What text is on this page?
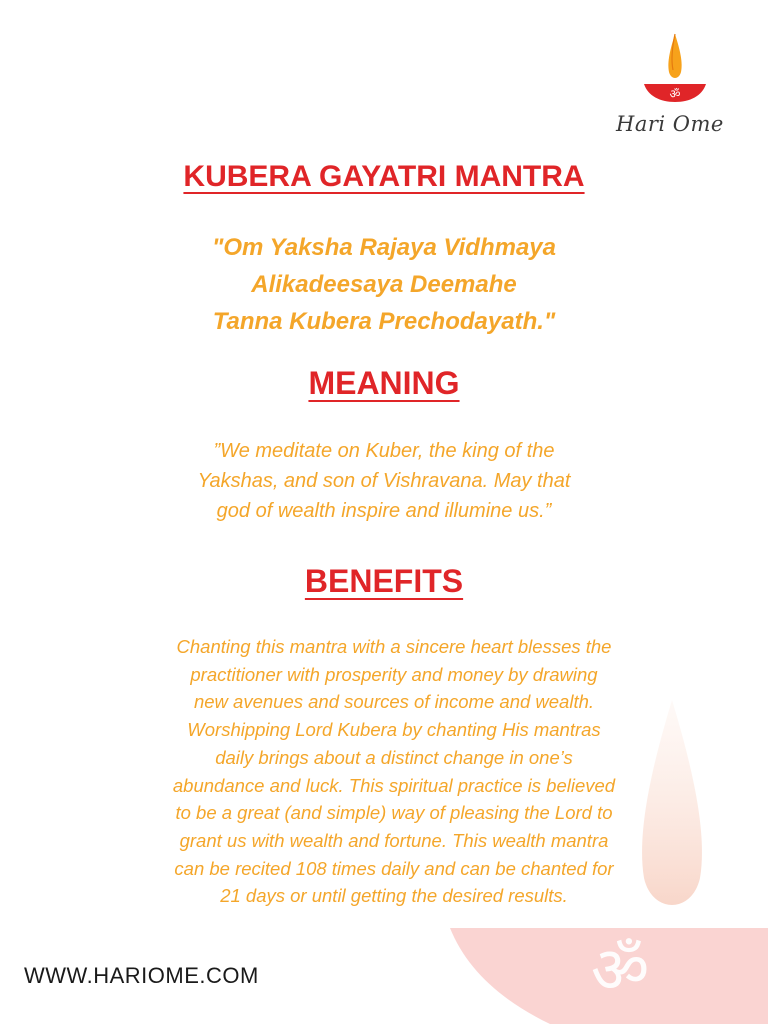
ॐ
Hari Ome
KUBERA GAYATRI MANTRA
"Om Yaksha Rajaya Vidhmaya
Alikadeesaya Deemahe
Tanna Kubera Prechodayath."
MEANING
”We meditate on Kuber, the king of the
Yakshas, and son of Vishravana. May that
god of wealth inspire and illumine us.”
BENEFITS
Chanting this mantra with a sincere heart blesses the
practitioner with prosperity and money by drawing
new avenues and sources of income and wealth.
Worshipping Lord Kubera by chanting His mantras
daily brings about a distinct change in one’s
abundance and luck. This spiritual practice is believed
to be a great (and simple) way of pleasing the Lord to
grant us with wealth and fortune. This wealth mantra
can be recited 108 times daily and can be chanted for
21 days or until getting the desired results.
ॐ
WWW.HARIOME.COM
